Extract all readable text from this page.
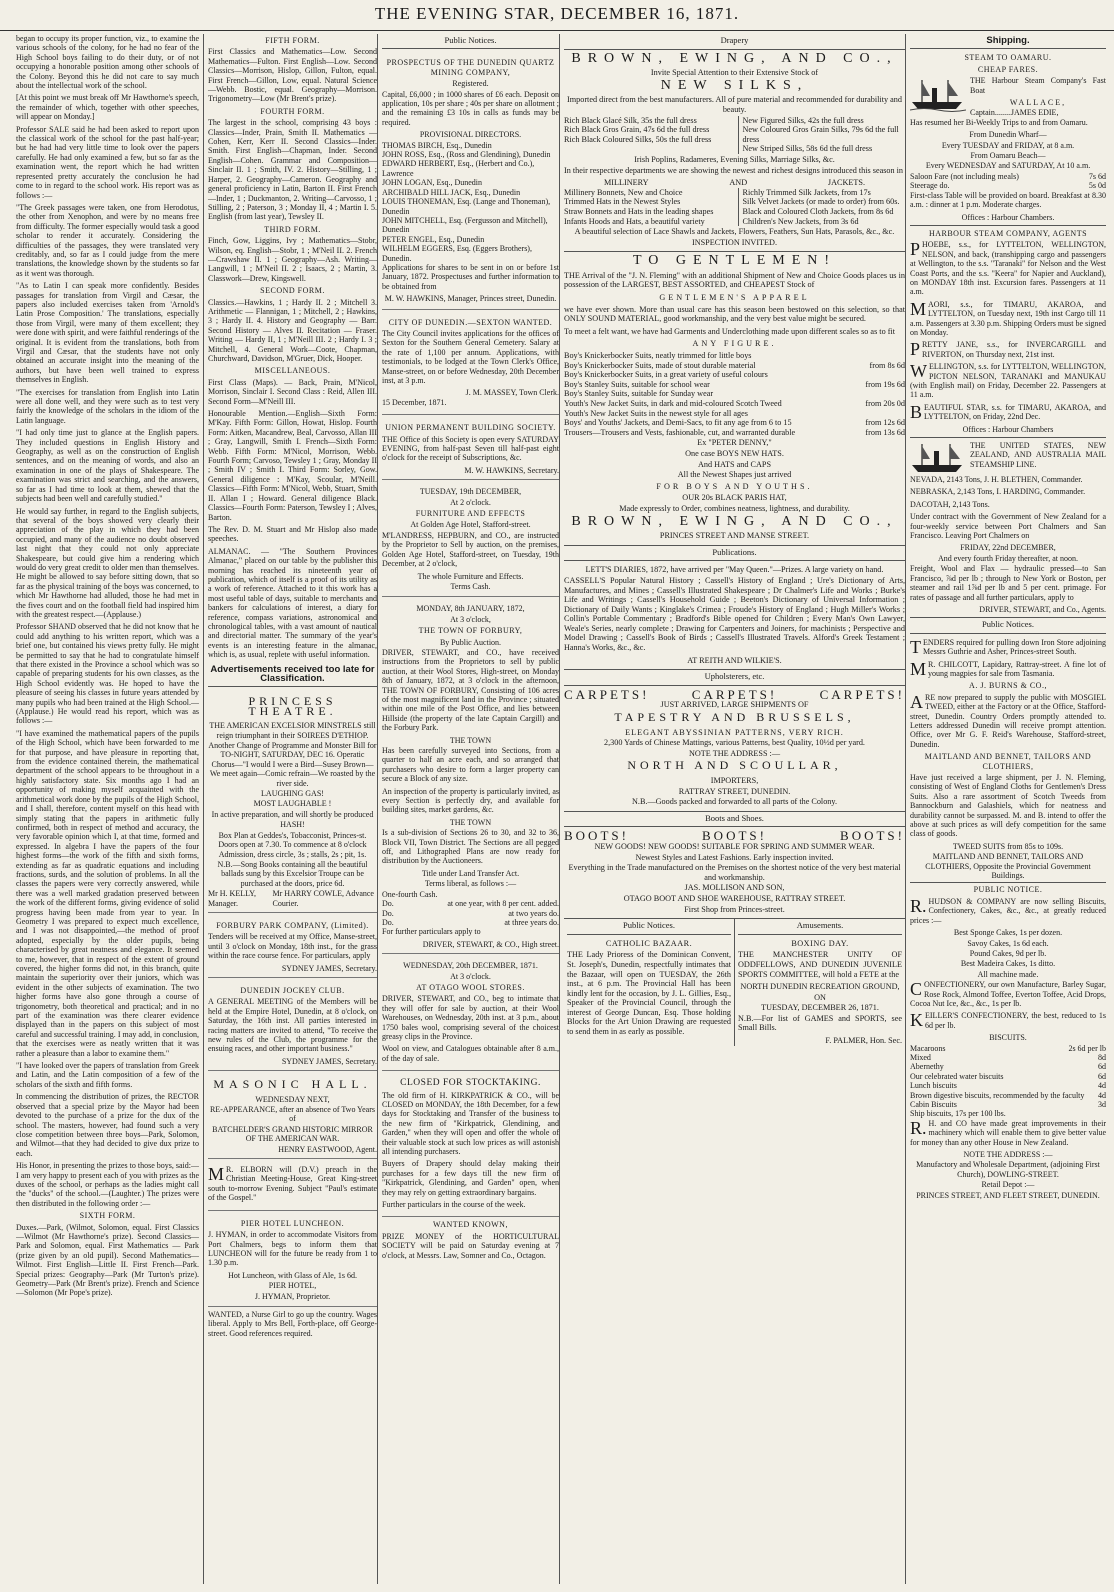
THE EVENING STAR, DECEMBER 16, 1871.

began to occupy its proper function, viz., to examine the various schools of the colony, for he had no fear of the High School boys failing to do their duty, or of not occupying a honorable position among other schools of the Colony. Beyond this he did not care to say much about the intellectual work of the school.

[At this point we must break off Mr Hawthorne's speech, the remainder of which, together with other speeches, will appear on Monday.]

Professor SALE said he had been asked to report upon the classical work of the school for the past half-year; but he had had very little time to look over the papers carefully. He had only examined a few, but so far as the examination went, the report which he had written represented pretty accurately the conclusion he had come to in regard to the school work. His report was as follows :—

"The Greek passages were taken, one from Herodotus, the other from Xenophon, and were by no means free from difficulty. The former especially would task a good scholar to render it accurately. Considering the difficulties of the passages, they were translated very creditably, and, so far as I could judge from the mere translations, the knowledge shown by the students so far as it went was thorough.

"As to Latin I can speak more confidently. Besides passages for translation from Virgil and Cæsar, the papers also included exercises taken from 'Arnold's Latin Prose Composition.' The translations, especially those from Virgil, were many of them excellent; they were done with spirit, and were faithful renderings of the original. It is evident from the translations, both from Virgil and Cæsar, that the students have not only obtained an accurate insight into the meaning of the authors, but have been well trained to express themselves in English.

"The exercises for translation from English into Latin were all done well, and they were such as to test very fairly the knowledge of the scholars in the idiom of the Latin language.

"I had only time just to glance at the English papers. They included questions in English History and Geography, as well as on the construction of English sentences, and on the meaning of words, and also an examination in one of the plays of Shakespeare. The examination was strict and searching, and the answers, so far as I had time to look at them, shewed that the subjects had been well and carefully studied."

He would say further, in regard to the English subjects, that several of the boys showed very clearly their appreciation of the play in which they had been occupied, and many of the audience no doubt observed last night that they could not only appreciate Shakespeare, but could give him a rendering which would do very great credit to older men than themselves. He might be allowed to say before sitting down, that so far as the physical training of the boys was concerned, to which Mr Hawthorne had alluded, those he had met in the fives court and on the football field had inspired him with the greatest respect.—(Applause.)

Professor SHAND observed that he did not know that he could add anything to his written report, which was a brief one, but contained his views pretty fully. He might be permitted to say that he had to congratulate himself that there existed in the Province a school which was so capable of preparing students for his own classes, as the High School evidently was. He hoped to have the pleasure of seeing his classes in future years attended by many pupils who had been trained at the High School.—(Applause.) He would read his report, which was as follows :—

"I have examined the mathematical papers of the pupils of the High School, which have been forwarded to me for that purpose, and have pleasure in reporting that, from the evidence contained therein, the mathematical department of the school appears to be throughout in a highly satisfactory state. Six months ago I had an opportunity of making myself acquainted with the arithmetical work done by the pupils of the High School, and I shall, therefore, content myself on this head with simply stating that the papers in arithmetic fully confirmed, both in respect of method and accuracy, the very favorable opinion which I, at that time, formed and expressed. In algebra I have the papers of the four highest forms—the work of the fifth and sixth forms, extending as far as quadratic equations and including fractions, surds, and the solution of problems. In all the classes the papers were very correctly answered, while there was a well marked gradation preserved between the work of the different forms, giving evidence of solid progress having been made from year to year. In Geometry I was prepared to expect much excellence, and I was not disappointed,—the method of proof adopted, especially by the older pupils, being characterised by great neatness and elegance. It seemed to me, however, that in respect of the extent of ground covered, the higher forms did not, in this branch, quite maintain the superiority over their juniors, which was evident in the other subjects of examination. The two higher forms have also gone through a course of trigonometry, both theoretical and practical; and in no part of the examination was there clearer evidence displayed than in the papers on this subject of most careful and successful training. I may add, in conclusion, that the exercises were as neatly written that it was rather a pleasure than a labor to examine them."

"I have looked over the papers of translation from Greek and Latin, and the Latin composition of a few of the scholars of the sixth and fifth forms.

In commencing the distribution of prizes, the RECTOR observed that a special prize by the Mayor had been devoted to the purchase of a prize for the dux of the school. The masters, however, had found such a very close competition between three boys—Park, Solomon, and Wilmot—that they had decided to give dux prize to each.

His Honor, in presenting the prizes to those boys, said:—I am very happy to present each of you with prizes as the duxes of the school, or perhaps as the ladies might call the "ducks" of the school.—(Laughter.) The prizes were then distributed in the following order :—

SIXTH FORM.

Duxes.—Park, (Wilmot, Solomon, equal. First Classics—Wilmot (Mr Hawthorne's prize). Second Classics—Park and Solomon, equal. First Mathematics — Park (prize given by an old pupil). Second Mathematics—Wilmot. First English—Little II. First French—Park. Special prizes: Geography—Park (Mr Turton's prize). Geometry—Park (Mr Brent's prize). French and Science—Solomon (Mr Pope's prize).

FIFTH FORM.

First Classics and Mathematics—Low. Second Mathematics—Fulton. First English—Low. Second Classics—Morrison, Hislop, Gillon, Fulton, equal. First French—Gillon, Low, equal. Natural Science—Webb. Bostic, equal. Geography—Morrison. Trigonometry—Low (Mr Brent's prize).

FOURTH FORM.

The largest in the school, comprising 43 boys : Classics—Inder, Prain, Smith II. Mathematics — Cohen, Kerr, Kerr II. Second Classics—Inder. Smith. First English—Chapman, Inder. Second English—Cohen. Grammar and Composition—Sinclair II. 1 ; Smith, IV. 2. History—Stilling, 1 ; Harper, 2. Geography—Cameron. Geography and general proficiency in Latin, Barton II. First French—Inder, 1 ; Duckmanton, 2. Writing—Carvosso, 1 ; Stilling, 2 ; Paterson, 3 ; Monday II, 4 ; Martin I. 5. English (from last year), Tewsley II.

THIRD FORM.

Finch, Gow, Liggins, Ivy ; Mathematics—Stobr, Wilson, eq. English—Stobr, 1 ; M'Neil II. 2. French—Crawshaw II. 1 ; Geography—Ash. Writing—Langwill, 1 ; M'Neil II. 2 ; Isaacs, 2 ; Martin, 3. Classwork—Drew, Kingswell.

SECOND FORM.

Classics.—Hawkins, 1 ; Hardy II. 2 ; Mitchell 3. Arithmetic — Flannigan, 1 ; Mitchell, 2 ; Hawkins, 3 ; Hardy II. 4. History and Geography — Barr. Second History — Alves II. Recitation — Fraser. Writing — Hardy II, 1 ; M'Neill III. 2 ; Hardy I. 3 ; Mitchell, 4. General Work—Coote, Chapman, Churchward, Davidson, M'Gruer, Dick, Hooper.

MISCELLANEOUS.

First Class (Maps). — Back, Prain, M'Nicol, Morrison, Sinclair I. Second Class : Reid, Allen III. Second Form—M'Neill III.

Honourable Mention.—English—Sixth Form: M'Kay. Fifth Form: Gillon, Howat, Hislop. Fourth Form: Aitken, Macandrew, Beal, Carvosso, Allan III ; Gray, Langwill, Smith I. French—Sixth Form: Webb. Fifth Form: M'Nicol, Morrison, Webb. Fourth Form; Carvoso, Tewsley 1 ; Gray, Monday II ; Smith IV ; Smith I. Third Form: Sorley, Gow. General diligence : M'Kay, Scoular, M'Neill. Classics—Fifth Form: M'Nicol, Webb, Stuart, Smith II. Allan I ; Howard. General diligence Black. Classics—Fourth Form: Paterson, Tewsley I ; Alves, Barton.

The Rev. D. M. Stuart and Mr Hislop also made speeches.

ALMANAC. — "The Southern Provinces Almanac," placed on our table by the publisher this morning has reached its nineteenth year of publication, which of itself is a proof of its utility as a work of reference. Attached to it this work has a most useful table of days, suitable to merchants and bankers for calculations of interest, a diary for reference, compass variations, astronomical and chronological tables, with a vast amount of nautical and directorial matter. The summary of the year's events is an interesting feature in the almanac, which is, as usual, replete with useful information.

Advertisements received too late for Classification.
PRINCESS THEATRE.
THE AMERICAN EXCELSIOR MINSTRELS still reign triumphant in their SOIREES D'ETHIOP.
Another Change of Programme and Monster Bill for TO-NIGHT, SATURDAY, DEC 16. Operatic Chorus—"I would I were a Bird—Susey Brown—We meet again—Comic refrain—We roasted by the river side.
LAUGHING GAS!
MOST LAUGHABLE !
In active preparation, and will shortly be produced
HASH!
Box Plan at Geddes's, Tobacconist, Princes-st. Doors open at 7.30. To commence at 8 o'clock Admission, dress circle, 3s ; stalls, 2s ; pit, 1s.
N.B.—Song Books containing all the beautiful ballads sung by this Excelsior Troupe can be purchased at the doors, price 6d.
Mr H. KELLY, Manager.
Mr HARRY COWLE, Advance Courier.
FORBURY PARK COMPANY, (Limited).

Tenders will be received at my Office, Manse-street, until 3 o'clock on Monday, 18th inst., for the grass within the race course fence. For particulars, apply

SYDNEY JAMES, Secretary.

DUNEDIN JOCKEY CLUB.

A GENERAL MEETING of the Members will be held at the Empire Hotel, Dunedin, at 8 o'clock, on Saturday, the 16th inst. All parties interested in racing matters are invited to attend, "To receive the new rules of the Club, the programme for the ensuing races, and other important business."

SYDNEY JAMES, Secretary.

MASONIC HALL.
WEDNESDAY NEXT,
RE-APPEARANCE, after an absence of Two Years of
BATCHELDER'S GRAND HISTORIC MIRROR OF THE AMERICAN WAR.

HENRY EASTWOOD, Agent.

MR. ELBORN will (D.V.) preach in the Christian Meeting-House, Great King-street south to-morrow Evening. Subject "Paul's estimate of the Gospel."

PIER HOTEL LUNCHEON.

J. HYMAN, in order to accommodate Visitors from Port Chalmers, begs to inform them that LUNCHEON will for the future be ready from 1 to 1.30 p.m.

Hot Luncheon, with Glass of Ale, 1s 6d.
PIER HOTEL,
J. HYMAN, Proprietor.

WANTED, a Nurse Girl to go up the country. Wages liberal. Apply to Mrs Bell, Forth-place, off George-street. Good references required.

Public Notices.
PROSPECTUS OF THE DUNEDIN QUARTZ MINING COMPANY,
Registered.

Capital, £6,000 ; in 1000 shares of £6 each. Deposit on application, 10s per share ; 40s per share on allotment ; and the remaining £3 10s in calls as funds may be required.

PROVISIONAL DIRECTORS.
THOMAS BIRCH, Esq., Dunedin
JOHN ROSS, Esq., (Ross and Glendining), Dunedin
EDWARD HERBERT, Esq., (Herbert and Co.), Lawrence
JOHN LOGAN, Esq., Dunedin
ARCHIBALD HILL JACK, Esq., Dunedin
LOUIS THONEMAN, Esq. (Lange and Thoneman), Dunedin
JOHN MITCHELL, Esq. (Fergusson and Mitchell), Dunedin
PETER ENGEL, Esq., Dunedin
WILHELM EGGERS, Esq. (Eggers Brothers), Dunedin.

Applications for shares to be sent in on or before 1st January, 1872. Prospectuses and further information to be obtained from

M. W. HAWKINS, Manager, Princes street, Dunedin.

CITY OF DUNEDIN.—SEXTON WANTED.

The City Council invites applications for the offices of Sexton for the Southern General Cemetery. Salary at the rate of 1,100 per annum. Applications, with testimonials, to be lodged at the Town Clerk's Office, Manse-street, on or before Wednesday, 20th December inst, at 3 p.m.

J. M. MASSEY, Town Clerk.

15 December, 1871.

UNION PERMANENT BUILDING SOCIETY.

THE Office of this Society is open every SATURDAY EVENING, from half-past Seven till half-past eight o'clock for the receipt of Subscriptions, &c.

M. W. HAWKINS, Secretary.

TUESDAY, 19th DECEMBER,
At 2 o'clock.
FURNITURE AND EFFECTS
At Golden Age Hotel, Stafford-street.

M'LANDRESS, HEPBURN, and CO., are instructed by the Proprietor to Sell by auction, on the premises, Golden Age Hotel, Stafford-street, on Tuesday, 19th December, at 2 o'clock,

The whole Furniture and Effects.
Terms Cash.
MONDAY, 8th JANUARY, 1872,
At 3 o'clock,
THE TOWN OF FORBURY,
By Public Auction.

DRIVER, STEWART, and CO., have received instructions from the Proprietors to sell by public auction, at their Wool Stores, High-street, on Monday 8th of January, 1872, at 3 o'clock in the afternoon, THE TOWN OF FORBURY, Consisting of 106 acres of the most magnificent land in the Province ; situated within one mile of the Post Office, and lies between Hillside (the property of the late Captain Cargill) and the Forbury Park.

THE TOWN

Has been carefully surveyed into Sections, from a quarter to half an acre each, and so arranged that purchasers who desire to form a larger property can secure a Block of any size.

An inspection of the property is particularly invited, as every Section is perfectly dry, and available for building sites, market gardens, &c.

THE TOWN

Is a sub-division of Sections 26 to 30, and 32 to 36, Block VII, Town District. The Sections are all pegged off, and Lithographed Plans are now ready for distribution by the Auctioneers.

Title under Land Transfer Act.
Terms liberal, as follows :—
One-fourth Cash.
Do.	at one year, with 8 per cent. added.
Do.	at two years do.
Do.	at three years do.

For further particulars apply to

DRIVER, STEWART, & CO., High street.

WEDNESDAY, 20th DECEMBER, 1871.
At 3 o'clock.
AT OTAGO WOOL STORES.

DRIVER, STEWART, and CO., beg to intimate that they will offer for sale by auction, at their Wool Warehouses, on Wednesday, 20th inst. at 3 p.m., about 1750 bales wool, comprising several of the choicest greasy clips in the Province.

Wool on view, and Catalogues obtainable after 8 a.m., of the day of sale.

CLOSED FOR STOCKTAKING.

The old firm of H. KIRKPATRICK & CO., will be CLOSED on MONDAY, the 18th December, for a few days for Stocktaking and Transfer of the business to the new firm of "Kirkpatrick, Glendining, and Garden," when they will open and offer the whole of their valuable stock at such low prices as will astonish all intending purchasers.

Buyers of Drapery should delay making their purchases for a few days till the new firm of "Kirkpatrick, Glendining, and Garden" open, when they may rely on getting extraordinary bargains.

Further particulars in the course of the week.

WANTED KNOWN,

PRIZE MONEY of the HORTICULTURAL SOCIETY will be paid on Saturday evening at 7 o'clock, at Messrs. Law, Somner and Co., Octagon.

Drapery
BROWN, EWING, AND CO.,
Invite Special Attention to their Extensive Stock of
NEW SILKS,

Imported direct from the best manufacturers. All of pure material and recommended for durability and beauty.

Rich Black Glacé Silk, 35s the full dress
Rich Black Gros Grain, 47s 6d the full dress
Rich Black Coloured Silks, 50s the full dress
New Figured Silks, 42s the full dress
New Coloured Gros Grain Silks, 79s 6d the full dress
New Striped Silks, 58s 6d the full dress
Irish Poplins, Radameres, Evening Silks, Marriage Silks, &c.

In their respective departments we are showing the newest and richest designs introduced this season in

MILLINERY	AND	JACKETS.
Millinery Bonnets, New and Choice
Trimmed Hats in the Newest Styles
Straw Bonnets and Hats in the leading shapes
Infants Hoods and Hats, a beautiful variety
Richly Trimmed Silk Jackets, from 17s
Silk Velvet Jackets (or made to order) from 60s.
Black and Coloured Cloth Jackets, from 8s 6d
Children's New Jackets, from 3s 6d
A beautiful selection of Lace Shawls and Jackets, Flowers, Feathers, Sun Hats, Parasols, &c., &c.
INSPECTION INVITED.
TO GENTLEMEN!

THE Arrival of the "J. N. Fleming" with an additional Shipment of New and Choice Goods places us in possession of the LARGEST, BEST ASSORTED, and CHEAPEST Stock of

GENTLEMEN'S APPAREL

we have ever shown. More than usual care has this season been bestowed on this selection, so that ONLY SOUND MATERIAL, good workmanship, and the very best value might be secured.

To meet a felt want, we have had Garments and Underclothing made upon different scales so as to fit

ANY FIGURE.
Boy's Knickerbocker Suits, neatly trimmed for little boys
Boy's Knickerbocker Suits, made of stout durable material	from 8s 6d
Boy's Knickerbocker Suits, in a great variety of useful colours
Boy's Stanley Suits, suitable for school wear	from 19s 6d
Boy's Stanley Suits, suitable for Sunday wear
Youth's New Jacket Suits, in dark and mid-coloured Scotch Tweed	from 20s 0d
Youth's New Jacket Suits in the newest style for all ages
Boys' and Youths' Jackets, and Demi-Sacs, to fit any age from 6 to 15	from 12s 6d
Trousers—Trousers and Vests, fashionable, cut, and warranted durable	from 13s 6d
Ex "PETER DENNY,"
One case BOYS NEW HATS.
And HATS and CAPS
All the Newest Shapes just arrived
FOR BOYS AND YOUTHS.
OUR 20s BLACK PARIS HAT,
Made expressly to Order, combines neatness, lightness, and durability.
BROWN, EWING, AND CO.,
PRINCES STREET AND MANSE STREET.
Publications.

LETT'S DIARIES, 1872, have arrived per "May Queen."—Prizes. A large variety on hand.

CASSELL'S Popular Natural History ; Cassell's History of England ; Ure's Dictionary of Arts, Manufactures, and Mines ; Cassell's Illustrated Shakespeare ; Dr Chalmer's Life and Works ; Burke's Life and Writings ; Cassell's Household Guide ; Beeton's Dictionary of Universal Information ; Dictionary of Daily Wants ; Kinglake's Crimea ; Froude's History of England ; Hugh Miller's Works ; Collin's Portable Commentary ; Bradford's Bible opened for Children ; Every Man's Own Lawyer, Weale's Series, nearly complete ; Drawing for Carpenters and Joiners, for machinists ; Perspective and Model Drawing ; Cassell's Book of Birds ; Cassell's Illustrated Travels. Alford's Greek Testament ; Hanna's Works, &c., &c.

AT REITH AND WILKIE'S.
Upholsterers, etc.
CARPETS!	CARPETS!	CARPETS!
JUST ARRIVED, LARGE SHIPMENTS OF
TAPESTRY AND BRUSSELS,
ELEGANT ABYSSINIAN PATTERNS, VERY RICH.
2,300 Yards of Chinese Mattings, various Patterns, best Quality, 10½d per yard.
NOTE THE ADDRESS :—
NORTH AND SCOULLAR,
IMPORTERS,
RATTRAY STREET, DUNEDIN.
N.B.—Goods packed and forwarded to all parts of the Colony.
Boots and Shoes.
BOOTS!	BOOTS!	BOOTS!
NEW GOODS! NEW GOODS! SUITABLE FOR SPRING AND SUMMER WEAR.
Newest Styles and Latest Fashions. Early inspection invited.
Everything in the Trade manufactured on the Premises on the shortest notice of the very best material and workmanship.
JAS. MOLLISON AND SON,
OTAGO BOOT AND SHOE WAREHOUSE, RATTRAY STREET.
First Shop from Princes-street.
Public Notices.
CATHOLIC BAZAAR.

THE Lady Prioress of the Dominican Convent, St. Joseph's, Dunedin, respectfully intimates that the Bazaar, will open on TUESDAY, the 26th inst., at 6 p.m. The Provincial Hall has been kindly lent for the occasion, by J. L. Gillies, Esq., Speaker of the Provincial Council, through the interest of George Duncan, Esq. Those holding Blocks for the Art Union Drawing are requested to send them in as early as possible.

Amusements.
BOXING DAY.

THE MANCHESTER UNITY OF ODDFELLOWS, AND DUNEDIN JUVENILE SPORTS COMMITTEE, will hold a FETE at the

NORTH DUNEDIN RECREATION GROUND,
ON
TUESDAY, DECEMBER 26, 1871.

N.B.—For list of GAMES and SPORTS, see Small Bills.

F. PALMER, Hon. Sec.

Shipping.
STEAM TO OAMARU.
CHEAP FARES.

THE Harbour Steam Company's Fast Boat

WALLACE,
Captain........JAMES EDIE,

Has resumed her Bi-Weekly Trips to and from Oamaru.

From Dunedin Wharf—
Every TUESDAY and FRIDAY, at 8 a.m.
From Oamaru Beach—
Every WEDNESDAY and SATURDAY, At 10 a.m.
Saloon Fare (not including meals)	7s 6d
Steerage do.	5s 0d

First-class Table will be provided on board. Breakfast at 8.30 a.m. : dinner at 1 p.m. Moderate charges.

Offices : Harbour Chambers.
HARBOUR STEAM COMPANY, AGENTS

PHOEBE, s.s., for LYTTELTON, WELLINGTON, NELSON, and back, (transhipping cargo and passengers at Wellington, to the s.s. "Taranaki" for Nelson and the West Coast Ports, and the s.s. "Keera" for Napier and Auckland), on MONDAY 18th inst. Excursion fares. Passengers at 11 a.m.

MAORI, s.s., for TIMARU, AKAROA, and LYTTELTON, on Tuesday next, 19th inst Cargo till 11 a.m. Passengers at 3.30 p.m. Shipping Orders must be signed on Monday.

PRETTY JANE, s.s., for INVERCARGILL and RIVERTON, on Thursday next, 21st inst.

WELLINGTON, s.s. for LYTTELTON, WELLINGTON, PICTON NELSON, TARANAKI and MANUKAU (with English mail) on Friday, December 22. Passengers at 11 a.m.

BEAUTIFUL STAR, s.s. for TIMARU, AKAROA, and LYTTELTON, on Friday, 22nd Dec.

Offices : Harbour Chambers

THE UNITED STATES, NEW ZEALAND, AND AUSTRALIA MAIL STEAMSHIP LINE.

NEVADA, 2143 Tons, J. H. BLETHEN, Commander.

NEBRASKA, 2,143 Tons, I. HARDING, Commander.

DACOTAH, 2,143 Tons.

Under contract with the Government of New Zealand for a four-weekly service between Port Chalmers and San Francisco. Leaving Port Chalmers on

FRIDAY, 22nd DECEMBER,
And every fourth Friday thereafter, at noon.

Freight, Wool and Flax — hydraulic pressed—to San Francisco, ⅞d per lb ; through to New York or Boston, per steamer and rail 1⅞d per lb and 5 per cent. primage. For rates of passage and all further particulars, apply to

DRIVER, STEWART, and Co., Agents.

Public Notices.

TENDERS required for pulling down Iron Store adjoining Messrs Guthrie and Asher, Princes-street South.

MR. CHILCOTT, Lapidary, Rattray-street. A fine lot of young magpies for sale from Tasmania.

A. J. BURNS & CO.,

ARE now prepared to supply the public with MOSGIEL TWEED, either at the Factory or at the Office, Stafford-street, Dunedin. Country Orders promptly attended to. Letters addressed Dunedin will receive prompt attention. Office, over Mr G. F. Reid's Warehouse, Stafford-street, Dunedin.

MAITLAND AND BENNET, TAILORS AND CLOTHIERS,

Have just received a large shipment, per J. N. Fleming, consisting of West of England Cloths for Gentlemen's Dress Suits. Also a rare assortment of Scotch Tweeds from Bannockburn and Galashiels, which for neatness and durability cannot be surpassed. M. and B. intend to offer the above at such prices as will defy competition for the same class of goods.

TWEED SUITS from 85s to 109s.
MAITLAND AND BENNET, TAILORS AND CLOTHIERS, Opposite the Provincial Government Buildings.
PUBLIC NOTICE.

R.HUDSON & COMPANY are now selling Biscuits, Confectionery, Cakes, &c., &c., at greatly reduced prices :—

Best Sponge Cakes, 1s per dozen.
Savoy Cakes, 1s 6d each.
Pound Cakes, 9d per lb.
Best Madeira Cakes, 1s ditto.
All machine made.

CONFECTIONERY, our own Manufacture, Barley Sugar, Rose Rock, Almond Toffee, Everton Toffee, Acid Drops, Cocoa Nut Ice, &c., &c., 1s per lb.

KEILLER'S CONFECTIONERY, the best, reduced to 1s 6d per lb.

BISCUITS.
Macaroons	2s 6d per lb
Mixed	8d
Abernethy	6d
Our celebrated water biscuits	6d
Lunch biscuits	4d
Brown digestive biscuits, recommended by the faculty 4d
Cabin Biscuits	3d
Ship biscuits, 17s per 100 lbs.

R.H. and CO have made great improvements in their machinery which will enable them to give better value for money than any other House in New Zealand.

NOTE THE ADDRESS :—
Manufactory and Wholesale Department, (adjoining First Church), DOWLING-STREET.
Retail Depot :—
PRINCES STREET, AND FLEET STREET, DUNEDIN.
